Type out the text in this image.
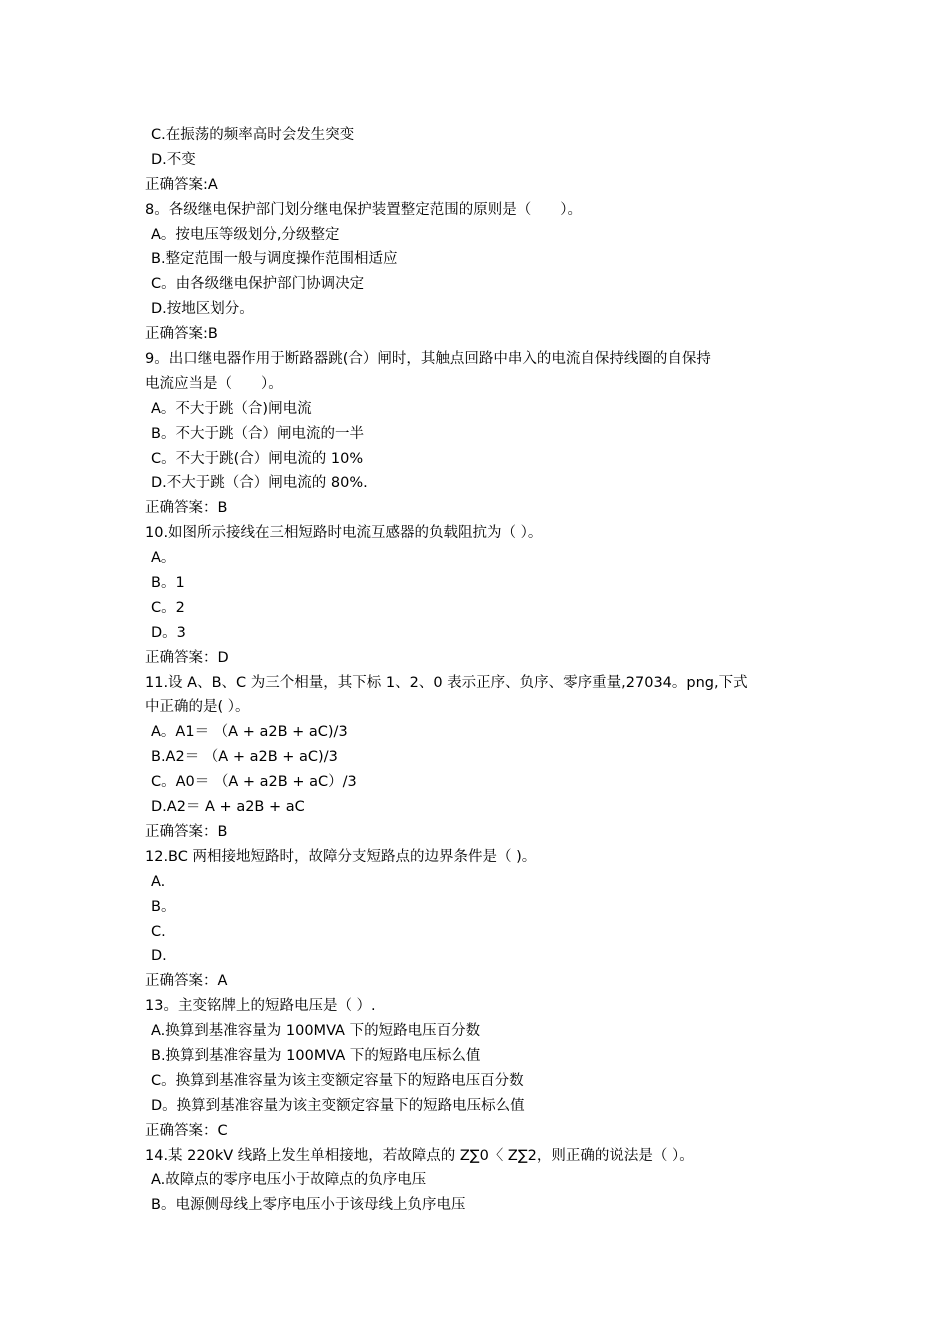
C.在振荡的频率高时会发生突变
D.不变
正确答案:A
8。各级继电保护部门划分继电保护装置整定范围的原则是（　　）。
A。按电压等级划分,分级整定
B.整定范围一般与调度操作范围相适应
C。由各级继电保护部门协调决定
D.按地区划分。
正确答案:B
9。出口继电器作用于断路器跳(合）闸时，其触点回路中串入的电流自保持线圈的自保持
电流应当是（　　）。
A。不大于跳（合)闸电流
B。不大于跳（合）闸电流的一半
C。不大于跳(合）闸电流的 10%
D.不大于跳（合）闸电流的 80%.
正确答案：B
10.如图所示接线在三相短路时电流互感器的负载阻抗为（ ）。
A。
B。1
C。2
D。3
正确答案：D
11.设 A、B、C 为三个相量，其下标 1、2、0 表示正序、负序、零序重量,27034。png,下式
中正确的是( ）。
A。A1＝ （A + a2B + aC)/3
B.A2＝ （A + a2B + aC)/3
C。A0＝ （A + a2B + aC）/3
D.A2＝ A + a2B + aC
正确答案：B
12.BC 两相接地短路时，故障分支短路点的边界条件是（ )。
A.
B。
C.
D.
正确答案：A
13。主变铭牌上的短路电压是（ ）.
A.换算到基准容量为 100MVA 下的短路电压百分数
B.换算到基准容量为 100MVA 下的短路电压标么值
C。换算到基准容量为该主变额定容量下的短路电压百分数
D。换算到基准容量为该主变额定容量下的短路电压标么值
正确答案：C
14.某 220kV 线路上发生单相接地，若故障点的 Z∑0〈 Z∑2，则正确的说法是（ ）。
A.故障点的零序电压小于故障点的负序电压
B。电源侧母线上零序电压小于该母线上负序电压
